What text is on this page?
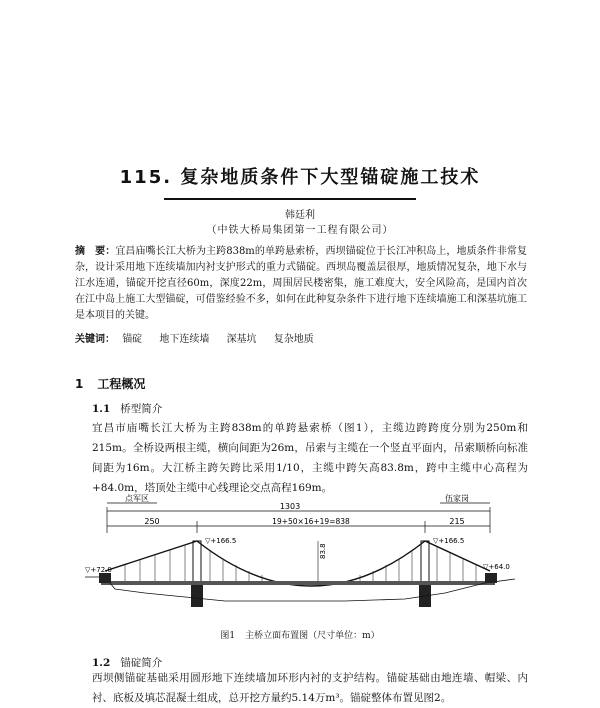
115. 复杂地质条件下大型锚碇施工技术
韩廷利
（中铁大桥局集团第一工程有限公司）
摘　要：宜昌庙嘴长江大桥为主跨838m的单跨悬索桥，西坝锚碇位于长江冲积岛上，地质条件非常复杂，设计采用地下连续墙加内衬支护形式的重力式锚碇。西坝岛覆盖层很厚，地质情况复杂，地下水与江水连通，锚碇开挖直径60m，深度22m，周围居民楼密集，施工难度大，安全风险高，是国内首次在江中岛上施工大型锚碇，可借鉴经验不多，如何在此种复杂条件下进行地下连续墙施工和深基坑施工是本项目的关键。
关键词： 锚碇 地下连续墙 深基坑 复杂地质
1 工程概况
1.1 桥型简介
宜昌市庙嘴长江大桥为主跨838m的单跨悬索桥（图1），主缆边跨跨度分别为250m和215m。全桥设两根主缆，横向间距为26m，吊索与主缆在一个竖直平面内，吊索顺桥向标准间距为16m。大江桥主跨矢跨比采用1/10，主缆中跨矢高83.8m，跨中主缆中心高程为+84.0m，塔顶处主缆中心线理论交点高程169m。
点军区	伍家岗
1303
250	19+50×16+19=838	215
▽+166.5	▽+166.5
83.8
▽+72.0	▽+64.0
图1 主桥立面布置图（尺寸单位：m）
1.2 锚碇简介
西坝侧锚碇基础采用圆形地下连续墙加环形内衬的支护结构。锚碇基础由地连墙、帽梁、内衬、底板及填芯混凝土组成，总开挖方量约5.14万m³。锚碇整体布置见图2。
